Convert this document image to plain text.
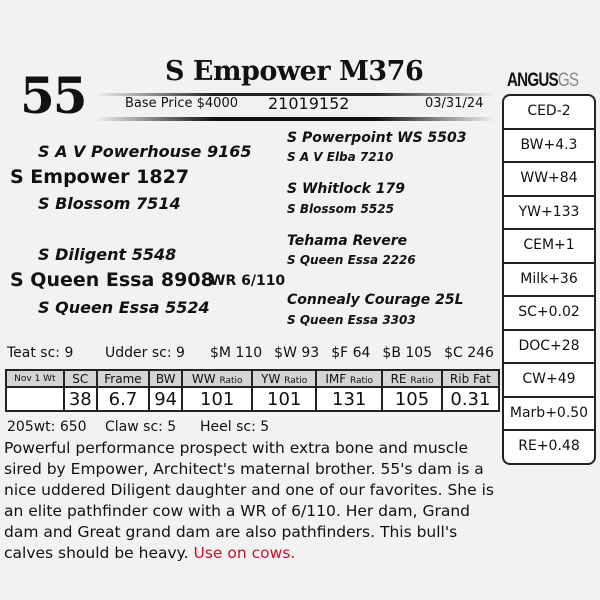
55	S Empower M376
Base Price $4000 21019152	03/31/24
ANGUSGS
CED-2
BW+4.3
WW+84
YW+133
CEM+1
Milk+36
SC+0.02
DOC+28
CW+49
Marb+0.50
RE+0.48
S A V Powerhouse 9165
S Empower 1827
S Blossom 7514
S Diligent 5548
S Queen Essa 8908
WR 6/110
S Queen Essa 5524
S Powerpoint WS 5503
S A V Elba 7210
S Whitlock 179
S Blossom 5525
Tehama Revere
S Queen Essa 2226
Connealy Courage 25L
S Queen Essa 3303
Teat sc: 9 Udder sc: 9 $M 110 $W 93 $F 64 $B 105 $C 246
Nov 1 Wt	SC	Frame	BW	WW Ratio	YW Ratio	IMF Ratio	RE Ratio	Rib Fat
	38	6.7	94	101	101	131	105	0.31
205wt: 650 Claw sc: 5 Heel sc: 5
Powerful performance prospect with extra bone and muscle sired by Empower, Architect's maternal brother. 55's dam is a nice uddered Diligent daughter and one of our favorites. She is an elite pathfinder cow with a WR of 6/110. Her dam, Grand dam and Great grand dam are also pathfinders. This bull's calves should be heavy. Use on cows.
